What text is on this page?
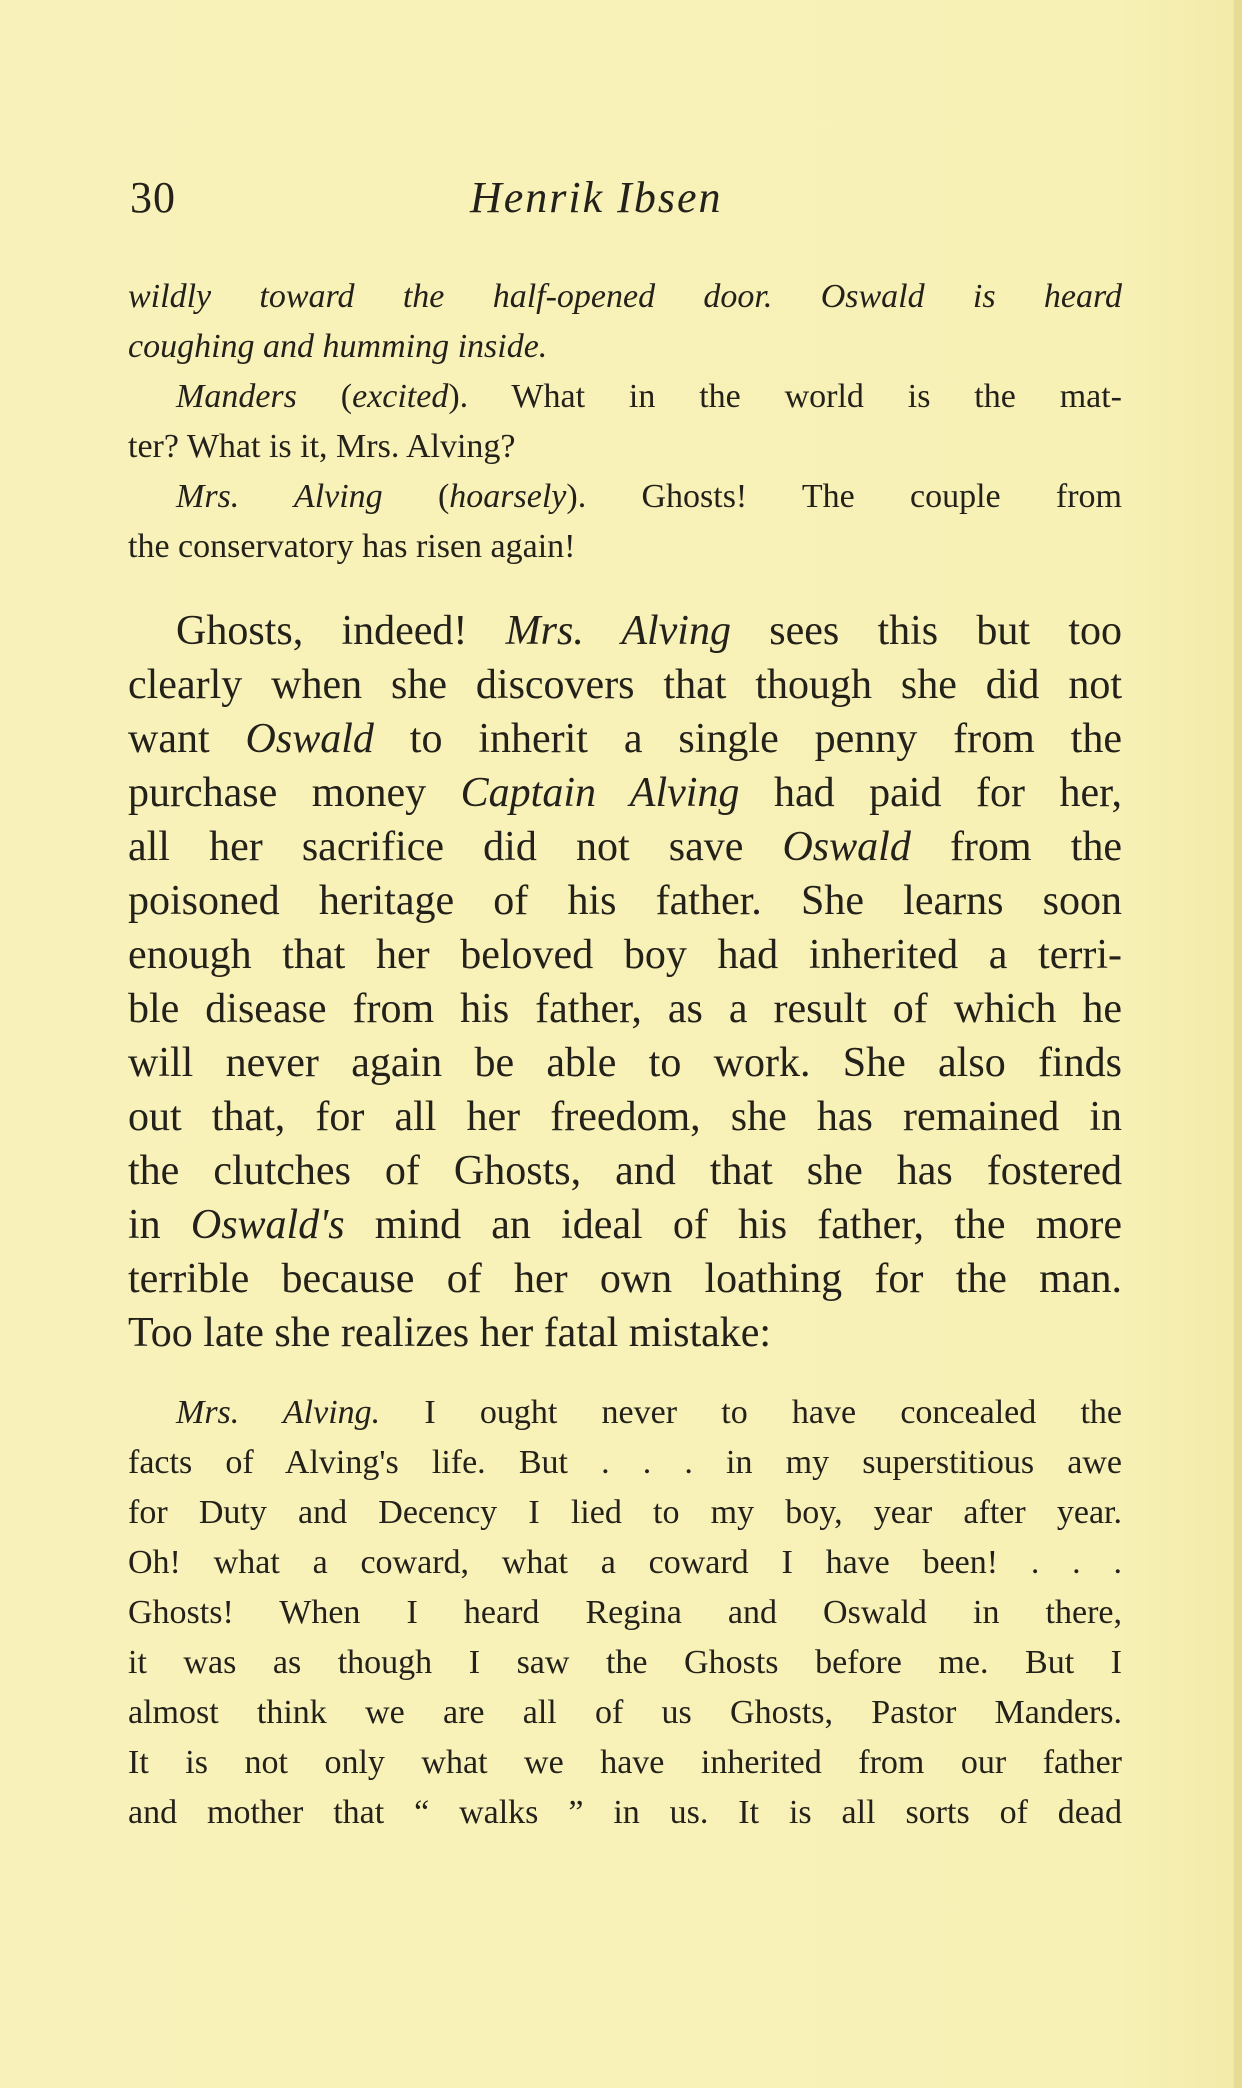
30	Henrik Ibsen
wildly toward the half-opened door. Oswald is heard
coughing and humming inside.
Manders (excited). What in the world is the mat-
ter? What is it, Mrs. Alving?
Mrs. Alving (hoarsely). Ghosts! The couple from
the conservatory has risen again!
Ghosts, indeed! Mrs. Alving sees this but too
clearly when she discovers that though she did not
want Oswald to inherit a single penny from the
purchase money Captain Alving had paid for her,
all her sacrifice did not save Oswald from the
poisoned heritage of his father. She learns soon
enough that her beloved boy had inherited a terri-
ble disease from his father, as a result of which he
will never again be able to work. She also finds
out that, for all her freedom, she has remained in
the clutches of Ghosts, and that she has fostered
in Oswald's mind an ideal of his father, the more
terrible because of her own loathing for the man.
Too late she realizes her fatal mistake:
Mrs. Alving. I ought never to have concealed the
facts of Alving's life. But . . . in my superstitious awe
for Duty and Decency I lied to my boy, year after year.
Oh! what a coward, what a coward I have been! . . .
Ghosts! When I heard Regina and Oswald in there,
it was as though I saw the Ghosts before me. But I
almost think we are all of us Ghosts, Pastor Manders.
It is not only what we have inherited from our father
and mother that “ walks ” in us. It is all sorts of dead
